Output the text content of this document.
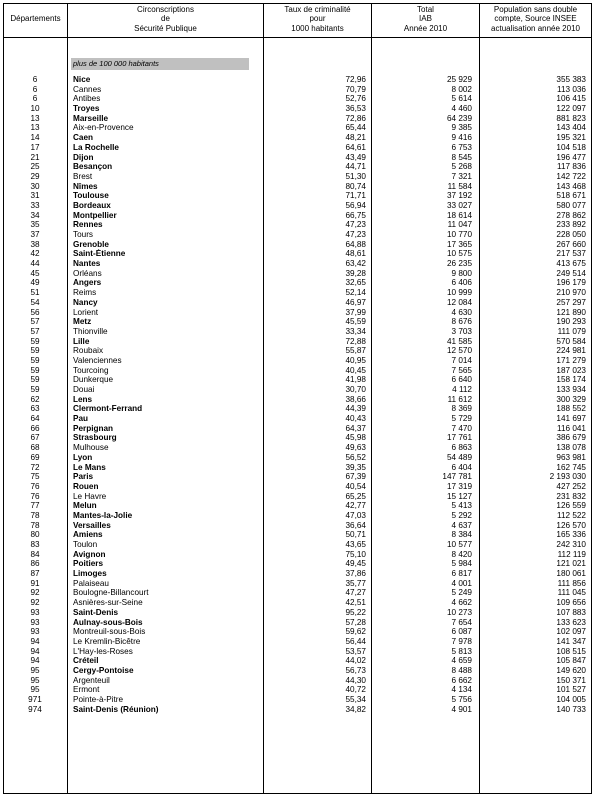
Départements
Circonscriptions
de
Sécurité Publique
Taux de criminalité
pour
1000 habitants
Total
IAB
Année 2010
Population sans double
compte, Source INSEE
actualisation année 2010
plus de 100 000 habitants
6	Nice	72,96	25 929	355 383
6	Cannes	70,79	8 002	113 036
6	Antibes	52,76	5 614	106 415
10	Troyes	36,53	4 460	122 097
13	Marseille	72,86	64 239	881 823
13	Aix-en-Provence	65,44	9 385	143 404
14	Caen	48,21	9 416	195 321
17	La Rochelle	64,61	6 753	104 518
21	Dijon	43,49	8 545	196 477
25	Besançon	44,71	5 268	117 836
29	Brest	51,30	7 321	142 722
30	Nîmes	80,74	11 584	143 468
31	Toulouse	71,71	37 192	518 671
33	Bordeaux	56,94	33 027	580 077
34	Montpellier	66,75	18 614	278 862
35	Rennes	47,23	11 047	233 892
37	Tours	47,23	10 770	228 050
38	Grenoble	64,88	17 365	267 660
42	Saint-Étienne	48,61	10 575	217 537
44	Nantes	63,42	26 235	413 675
45	Orléans	39,28	9 800	249 514
49	Angers	32,65	6 406	196 179
51	Reims	52,14	10 999	210 970
54	Nancy	46,97	12 084	257 297
56	Lorient	37,99	4 630	121 890
57	Metz	45,59	8 676	190 293
57	Thionville	33,34	3 703	111 079
59	Lille	72,88	41 585	570 584
59	Roubaix	55,87	12 570	224 981
59	Valenciennes	40,95	7 014	171 279
59	Tourcoing	40,45	7 565	187 023
59	Dunkerque	41,98	6 640	158 174
59	Douai	30,70	4 112	133 934
62	Lens	38,66	11 612	300 329
63	Clermont-Ferrand	44,39	8 369	188 552
64	Pau	40,43	5 729	141 697
66	Perpignan	64,37	7 470	116 041
67	Strasbourg	45,98	17 761	386 679
68	Mulhouse	49,63	6 863	138 078
69	Lyon	56,52	54 489	963 981
72	Le Mans	39,35	6 404	162 745
75	Paris	67,39	147 781	2 193 030
76	Rouen	40,54	17 319	427 252
76	Le Havre	65,25	15 127	231 832
77	Melun	42,77	5 413	126 559
78	Mantes-la-Jolie	47,03	5 292	112 522
78	Versailles	36,64	4 637	126 570
80	Amiens	50,71	8 384	165 336
83	Toulon	43,65	10 577	242 310
84	Avignon	75,10	8 420	112 119
86	Poitiers	49,45	5 984	121 021
87	Limoges	37,86	6 817	180 061
91	Palaiseau	35,77	4 001	111 856
92	Boulogne-Billancourt	47,27	5 249	111 045
92	Asnières-sur-Seine	42,51	4 662	109 656
93	Saint-Denis	95,22	10 273	107 883
93	Aulnay-sous-Bois	57,28	7 654	133 623
93	Montreuil-sous-Bois	59,62	6 087	102 097
94	Le Kremlin-Bicêtre	56,44	7 978	141 347
94	L'Hay-les-Roses	53,57	5 813	108 515
94	Créteil	44,02	4 659	105 847
95	Cergy-Pontoise	56,73	8 488	149 620
95	Argenteuil	44,30	6 662	150 371
95	Ermont	40,72	4 134	101 527
971	Pointe-à-Pitre	55,34	5 756	104 005
974	Saint-Denis (Réunion)	34,82	4 901	140 733
